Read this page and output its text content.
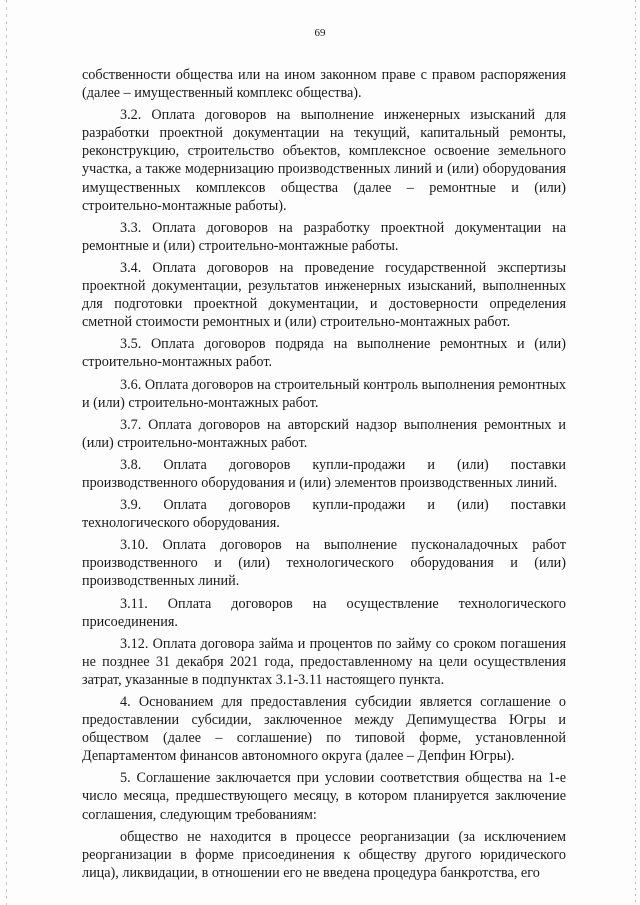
69

собственности общества или на ином законном праве с правом распоряжения (далее – имущественный комплекс общества).

3.2. Оплата договоров на выполнение инженерных изысканий для разработки проектной документации на текущий, капитальный ремонты, реконструкцию, строительство объектов, комплексное освоение земельного участка, а также модернизацию производственных линий и (или) оборудования имущественных комплексов общества (далее – ремонтные и (или) строительно-монтажные работы).

3.3. Оплата договоров на разработку проектной документации на ремонтные и (или) строительно-монтажные работы.

3.4. Оплата договоров на проведение государственной экспертизы проектной документации, результатов инженерных изысканий, выполненных для подготовки проектной документации, и достоверности определения сметной стоимости ремонтных и (или) строительно-монтажных работ.

3.5. Оплата договоров подряда на выполнение ремонтных и (или) строительно-монтажных работ.

3.6. Оплата договоров на строительный контроль выполнения ремонтных и (или) строительно-монтажных работ.

3.7. Оплата договоров на авторский надзор выполнения ремонтных и (или) строительно-монтажных работ.

3.8. Оплата договоров купли-продажи и (или) поставки производственного оборудования и (или) элементов производственных линий.

3.9. Оплата договоров купли-продажи и (или) поставки технологического оборудования.

3.10. Оплата договоров на выполнение пусконаладочных работ производственного и (или) технологического оборудования и (или) производственных линий.

3.11. Оплата договоров на осуществление технологического присоединения.

3.12. Оплата договора займа и процентов по займу со сроком погашения не позднее 31 декабря 2021 года, предоставленному на цели осуществления затрат, указанные в подпунктах 3.1-3.11 настоящего пункта.

4. Основанием для предоставления субсидии является соглашение о предоставлении субсидии, заключенное между Депимущества Югры и обществом (далее – соглашение) по типовой форме, установленной Департаментом финансов автономного округа (далее – Депфин Югры).

5. Соглашение заключается при условии соответствия общества на 1-е число месяца, предшествующего месяцу, в котором планируется заключение соглашения, следующим требованиям:

общество не находится в процессе реорганизации (за исключением реорганизации в форме присоединения к обществу другого юридического лица), ликвидации, в отношении его не введена процедура банкротства, его
